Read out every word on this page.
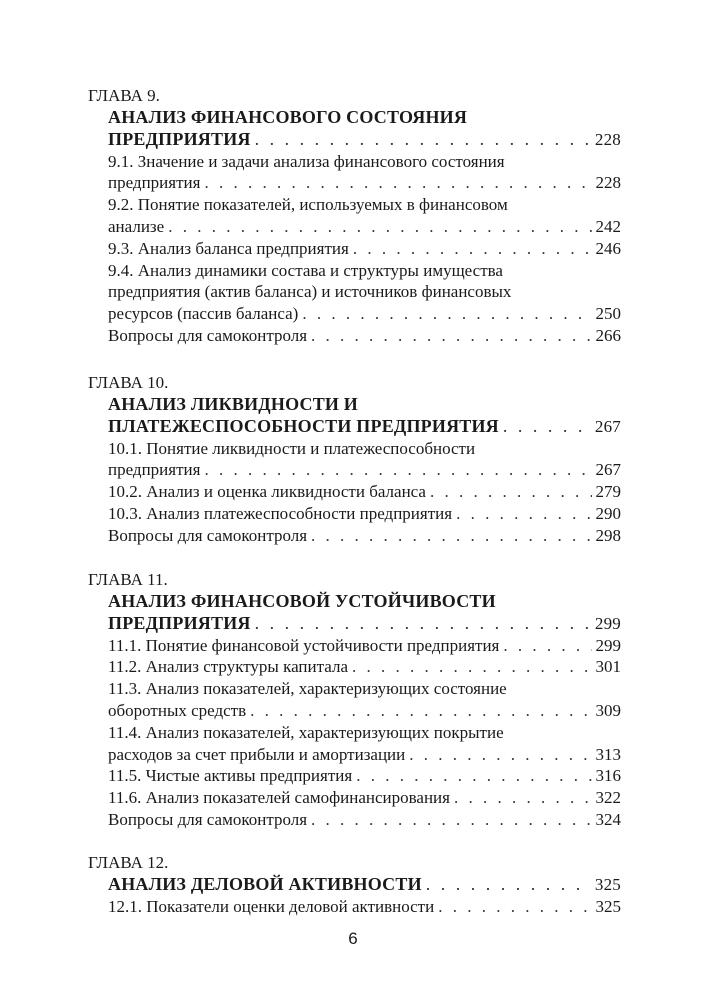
ГЛАВА 9.
АНАЛИЗ ФИНАНСОВОГО СОСТОЯНИЯ
ПРЕДПРИЯТИЯ . . .	228
9.1. Значение и задачи анализа финансового состояния
предприятия . . .	228
9.2. Понятие показателей, используемых в финансовом
анализе . . .	242
9.3. Анализ баланса предприятия . . .	246
9.4. Анализ динамики состава и структуры имущества
предприятия (актив баланса) и источников финансовых
ресурсов (пассив баланса) . . .	250
Вопросы для самоконтроля . . .	266
ГЛАВА 10.
АНАЛИЗ ЛИКВИДНОСТИ И
ПЛАТЕЖЕСПОСОБНОСТИ ПРЕДПРИЯТИЯ . . .	267
10.1. Понятие ликвидности и платежеспособности
предприятия . . .	267
10.2. Анализ и оценка ликвидности баланса . . .	279
10.3. Анализ платежеспособности предприятия . . .	290
Вопросы для самоконтроля . . .	298
ГЛАВА 11.
АНАЛИЗ ФИНАНСОВОЙ УСТОЙЧИВОСТИ
ПРЕДПРИЯТИЯ . . .	299
11.1. Понятие финансовой устойчивости предприятия . . .	299
11.2. Анализ структуры капитала . . .	301
11.3. Анализ показателей, характеризующих состояние
оборотных средств . . .	309
11.4. Анализ показателей, характеризующих покрытие
расходов за счет прибыли и амортизации . . .	313
11.5. Чистые активы предприятия . . .	316
11.6. Анализ показателей самофинансирования . . .	322
Вопросы для самоконтроля . . .	324
ГЛАВА 12.
АНАЛИЗ ДЕЛОВОЙ АКТИВНОСТИ . . .	325
12.1. Показатели оценки деловой активности . . .	325
6
